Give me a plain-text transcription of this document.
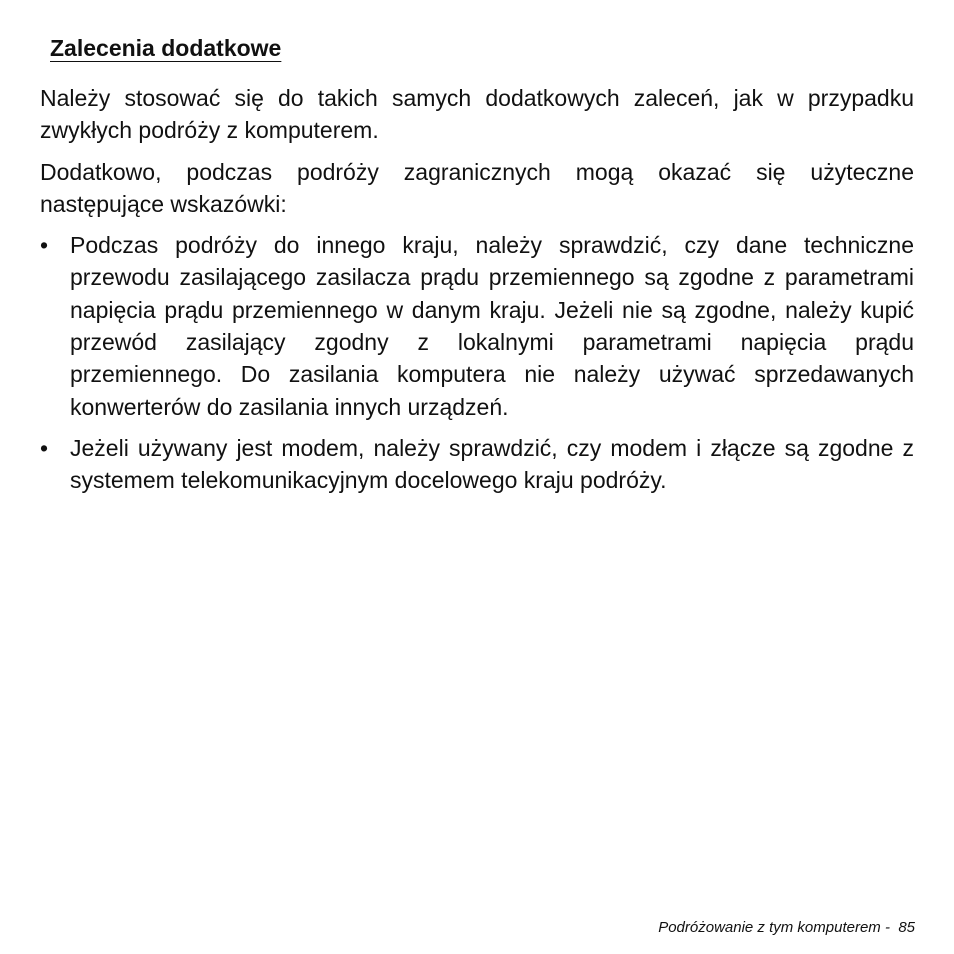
Zalecenia dodatkowe

Należy stosować się do takich samych dodatkowych zaleceń, jak w przypadku zwykłych podróży z komputerem.

Dodatkowo, podczas podróży zagranicznych mogą okazać się użyteczne następujące wskazówki:

• Podczas podróży do innego kraju, należy sprawdzić, czy dane techniczne przewodu zasilającego zasilacza prądu przemiennego są zgodne z parametrami napięcia prądu przemiennego w danym kraju. Jeżeli nie są zgodne, należy kupić przewód zasilający zgodny z lokalnymi parametrami napięcia prądu przemiennego. Do zasilania komputera nie należy używać sprzedawanych konwerterów do zasilania innych urządzeń.
• Jeżeli używany jest modem, należy sprawdzić, czy modem i złącze są zgodne z systemem telekomunikacyjnym docelowego kraju podróży.
Podróżowanie z tym komputerem - 85
